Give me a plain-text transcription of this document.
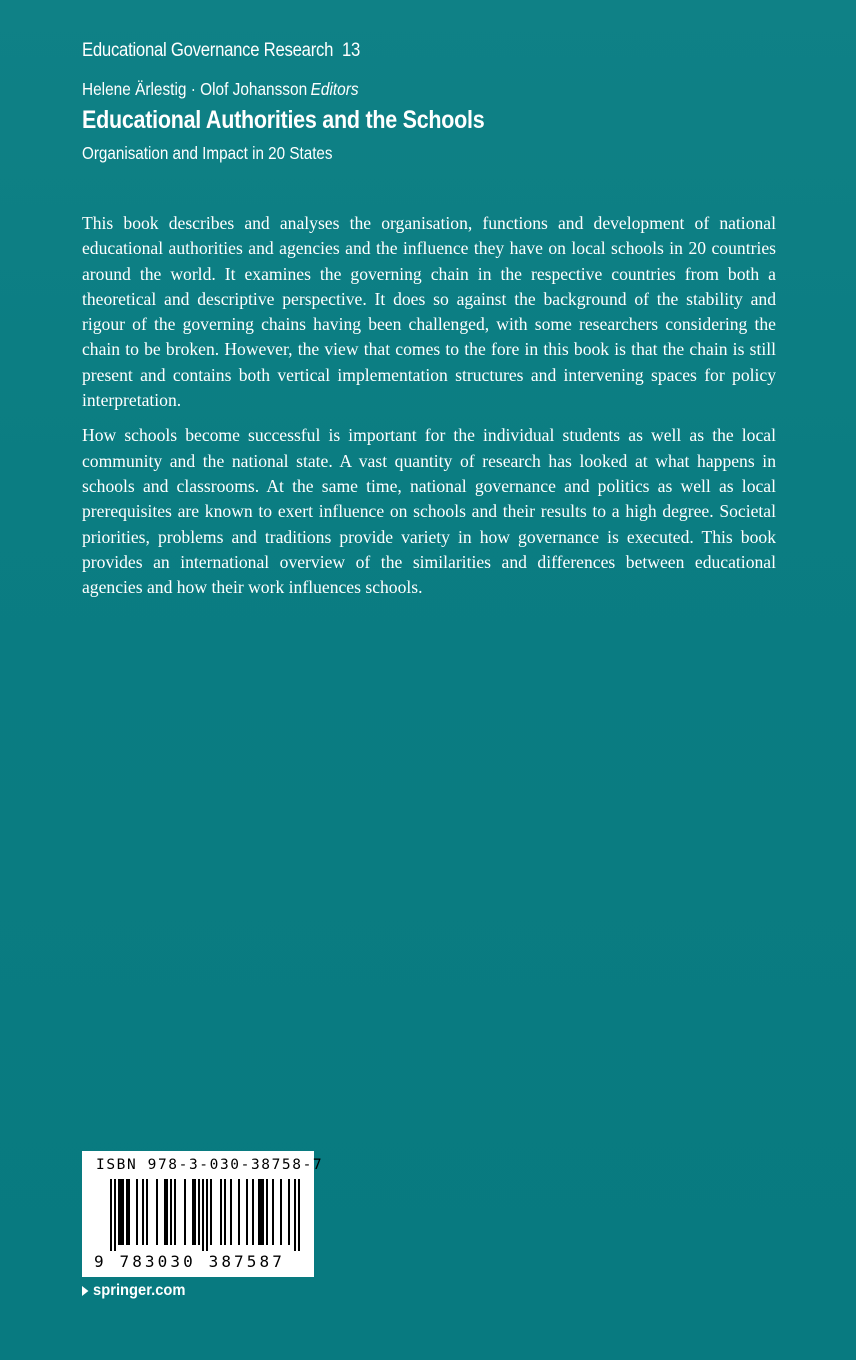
Educational Governance Research 13
Helene Ärlestig · Olof Johansson Editors
Educational Authorities and the Schools
Organisation and Impact in 20 States

This book describes and analyses the organisation, functions and development of national educational authorities and agencies and the influence they have on local schools in 20 countries around the world. It examines the governing chain in the respective countries from both a theoretical and descriptive perspective. It does so against the background of the stability and rigour of the governing chains having been challenged, with some researchers considering the chain to be broken. However, the view that comes to the fore in this book is that the chain is still present and contains both vertical implementation structures and intervening spaces for policy interpretation.

How schools become successful is important for the individual students as well as the local community and the national state. A vast quantity of research has looked at what happens in schools and classrooms. At the same time, national governance and politics as well as local prerequisites are known to exert influence on schools and their results to a high degree. Societal priorities, problems and traditions provide variety in how governance is executed. This book provides an international overview of the similarities and differences between educational agencies and how their work influences schools.

ISBN 978-3-030-38758-7
9 783030 387587
springer.com
